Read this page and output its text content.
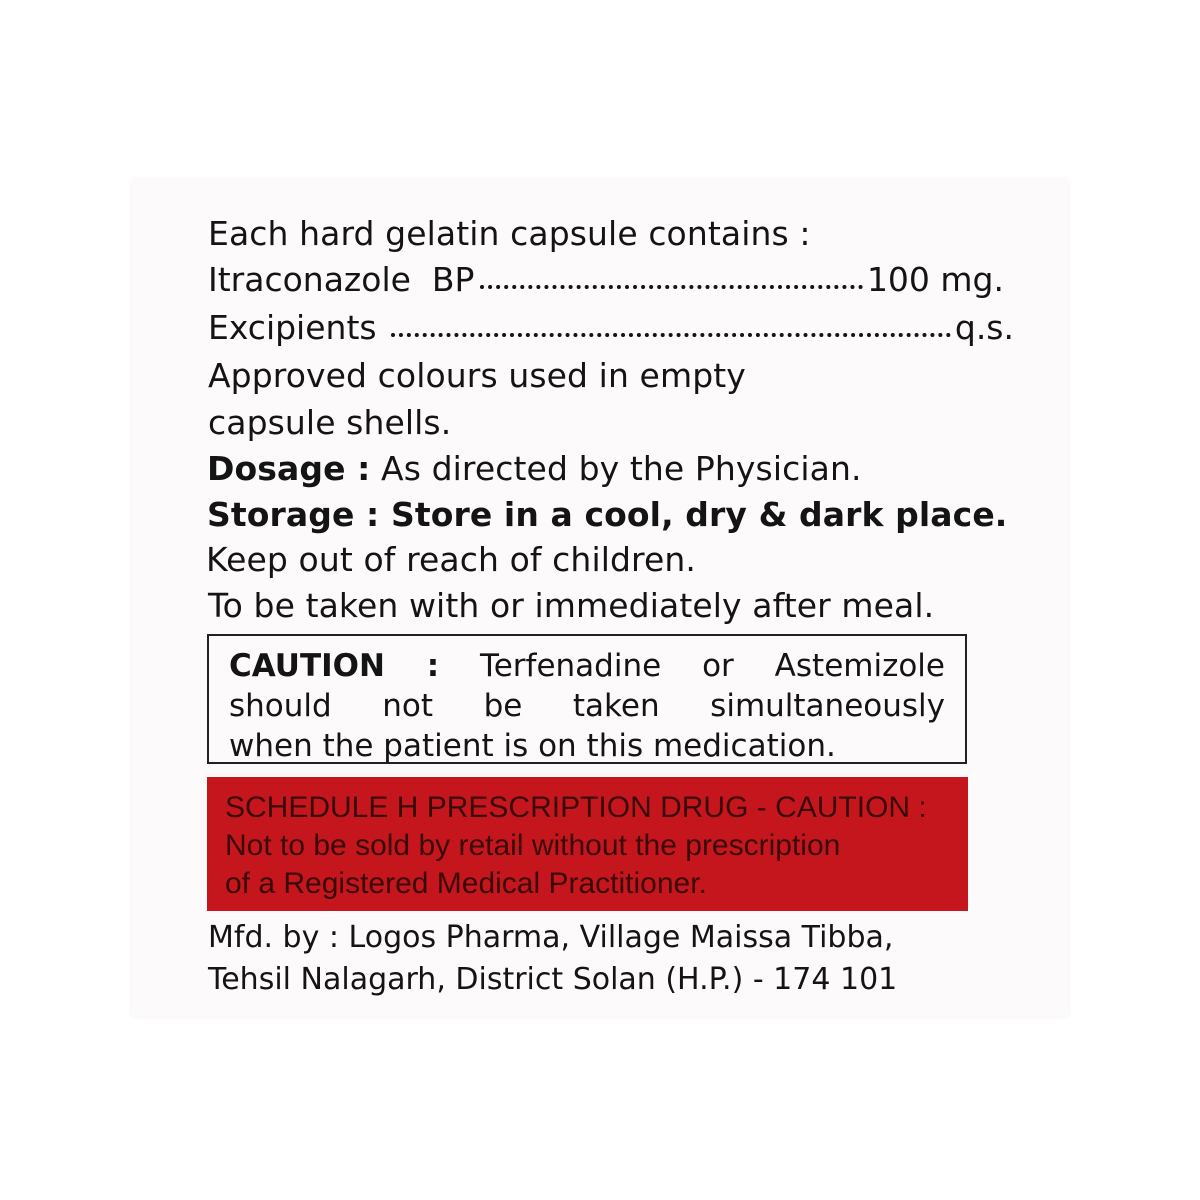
Each hard gelatin capsule contains :
Itraconazole  BP	100 mg.
Excipients	q.s.
Approved colours used in empty
capsule shells.
Dosage : As directed by the Physician.
Storage : Store in a cool, dry & dark place.
Keep out of reach of children.
To be taken with or immediately after meal.
CAUTION : Terfenadine or Astemizole
should not be taken simultaneously
when the patient is on this medication.
SCHEDULE H PRESCRIPTION DRUG - CAUTION :
Not to be sold by retail without the prescription
of a Registered Medical Practitioner.
Mfd. by : Logos Pharma, Village Maissa Tibba,
Tehsil Nalagarh, District Solan (H.P.) - 174 101
